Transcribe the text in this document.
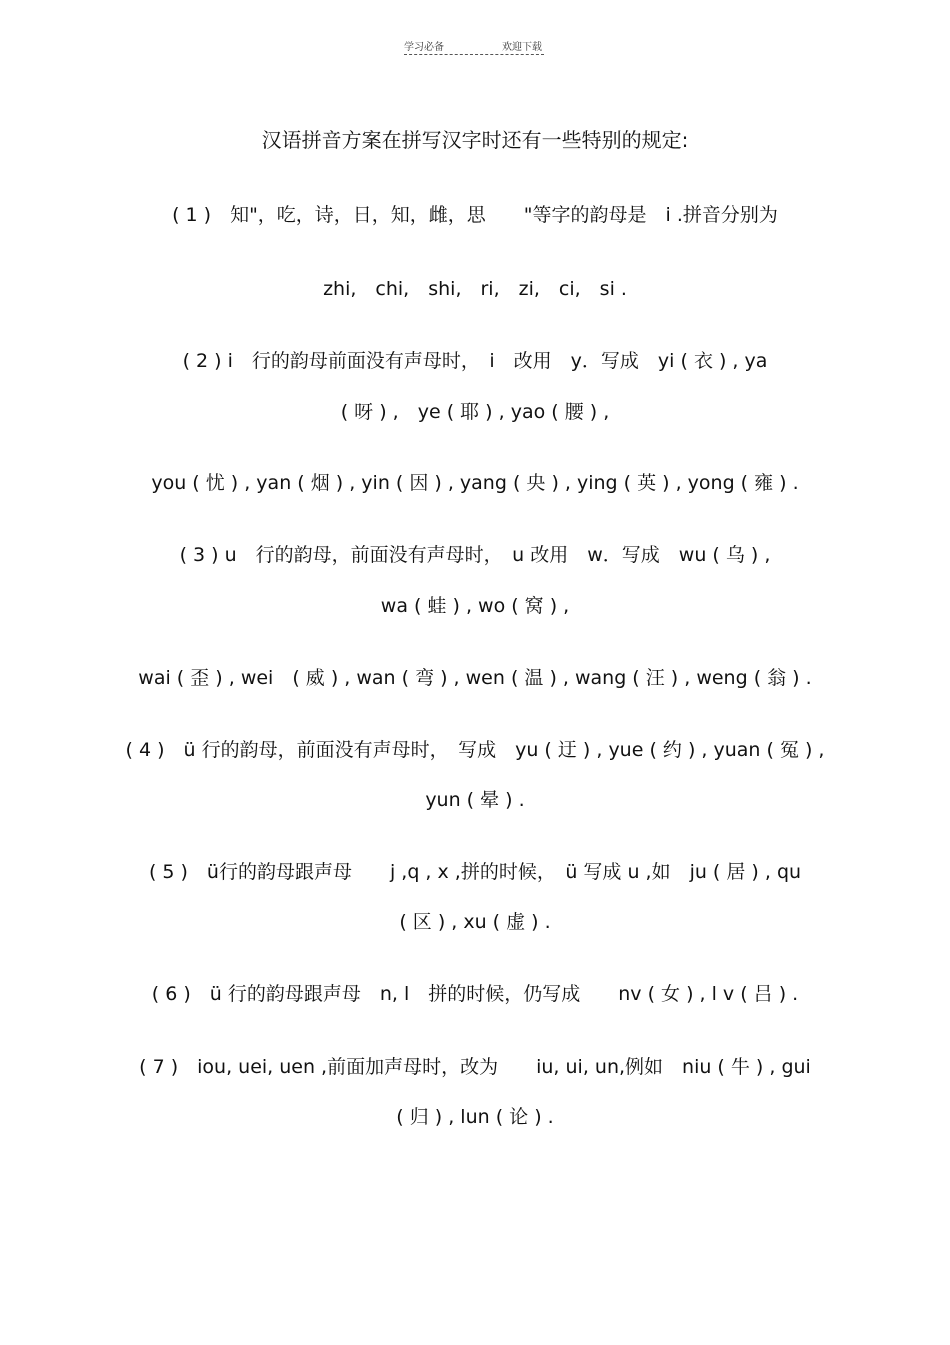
学习必备	欢迎下载
汉语拼音方案在拼写汉字时还有一些特别的规定:
( 1 )　知"，吃，诗，日，知，雌，思　　"等字的韵母是　i .拼音分别为
zhi,　chi,　shi,　ri,　zi,　ci,　si .
( 2 ) i　行的韵母前面没有声母时，　i　改用　y．写成　yi ( 衣 ) , ya
( 呀 ) ,　ye ( 耶 ) , yao ( 腰 ) ,
you ( 忧 ) , yan ( 烟 ) , yin ( 因 ) , yang ( 央 ) , ying ( 英 ) , yong ( 雍 ) .
( 3 ) u　行的韵母，前面没有声母时，　u 改用　w．写成　wu ( 乌 ) ,
wa ( 蛙 ) , wo ( 窝 ) ,
wai ( 歪 ) , wei　( 威 ) , wan ( 弯 ) , wen ( 温 ) , wang ( 汪 ) , weng ( 翁 ) .
( 4 )　ü 行的韵母，前面没有声母时，　写成　yu ( 迂 ) , yue ( 约 ) , yuan ( 冤 ) ,
yun ( 晕 ) .
( 5 )　ü行的韵母跟声母　　j ,q , x ,拼的时候，　ü 写成 u ,如　ju ( 居 ) , qu
( 区 ) , xu ( 虚 ) .
( 6 )　ü 行的韵母跟声母　n, l　拼的时候，仍写成　　nv ( 女 ) , l v ( 吕 ) .
( 7 )　iou, uei, uen ,前面加声母时，改为　　iu, ui, un,例如　niu ( 牛 ) , gui
( 归 ) , lun ( 论 ) .
